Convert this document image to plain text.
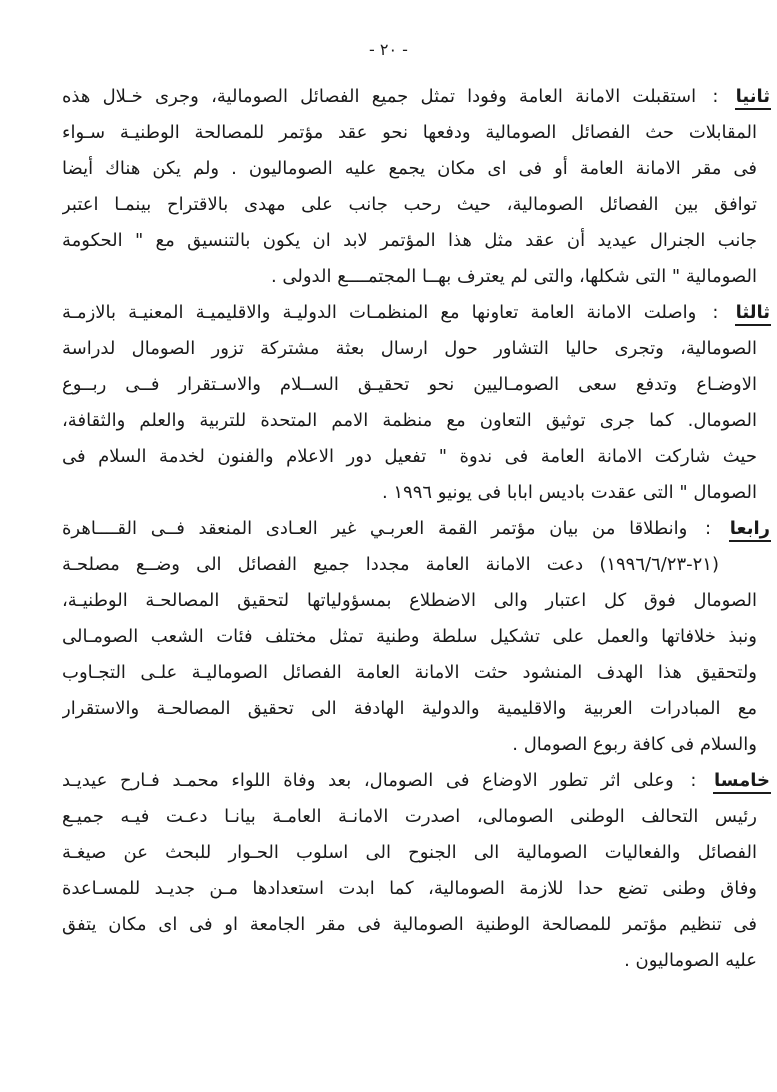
- ٢٠ -
ثانيا : استقبلت الامانة العامة وفودا تمثل جميع الفصائل الصومالية، وجرى خـلال هذه
المقابلات حث الفصائل الصومالية ودفعها نحو عقد مؤتمر للمصالحة الوطنيـة سـواء
فى مقر الامانة العامة أو فى اى مكان يجمع عليه الصوماليون . ولم يكن هناك أيضا
توافق بين الفصائل الصومالية، حيث رحب جانب على مهدى بالاقتراح بينمـا اعتبر
جانب الجنرال عيديد أن عقد مثل هذا المؤتمر لابد ان يكون بالتنسيق مع " الحكومة
الصومالية " التى شكلها، والتى لم يعترف بهــا المجتمــــع الدولى .
ثالثا : واصلت الامانة العامة تعاونها مع المنظمـات الدوليـة والاقليميـة المعنيـة بالازمـة
الصومالية، وتجرى حاليا التشاور حول ارسال بعثة مشتركة تزور الصومال لدراسة
الاوضـاع وتدفع سعى الصومـاليين نحو تحقيـق الســلام والاسـتقرار فــى ربــوع
الصومال. كما جرى توثيق التعاون مع منظمة الامم المتحدة للتربية والعلم والثقافة،
حيث شاركت الامانة العامة فى ندوة " تفعيل دور الاعلام والفنون لخدمة السلام فى
الصومال " التى عقدت باديس ابابا فى يونيو ١٩٩٦ .
رابعا : وانطلاقا من بيان مؤتمر القمة العربـي غير العـادى المنعقد فــى القــــاهرة
(١٩٩٦/٦/٢٣-٢١) دعت الامانة العامة مجددا جميع الفصائل الى وضــع مصلحـة
الصومال فوق كل اعتبار والى الاضطلاع بمسؤولياتها لتحقيق المصالحـة الوطنيـة،
ونبذ خلافاتها والعمل على تشكيل سلطة وطنية تمثل مختلف فئات الشعب الصومـالى
ولتحقيق هذا الهدف المنشود حثت الامانة العامة الفصائل الصوماليـة علـى التجـاوب
مع المبادرات العربية والاقليمية والدولية الهادفة الى تحقيق المصالحـة والاستقرار
والسلام فى كافة ربوع الصومال .
خامسا : وعلى اثر تطور الاوضاع فى الصومال، بعد وفاة اللواء محمـد فـارح عيديـد
رئيس التحالف الوطنى الصومالى، اصدرت الامانـة العامـة بيانـا دعـت فيـه جميـع
الفصائل والفعاليات الصومالية الى الجنوح الى اسلوب الحـوار للبحث عن صيغـة
وفاق وطنى تضع حدا للازمة الصومالية، كما ابدت استعدادها مـن جديـد للمسـاعدة
فى تنظيم مؤتمر للمصالحة الوطنية الصومالية فى مقر الجامعة او فى اى مكان يتفق
عليه الصوماليون .
